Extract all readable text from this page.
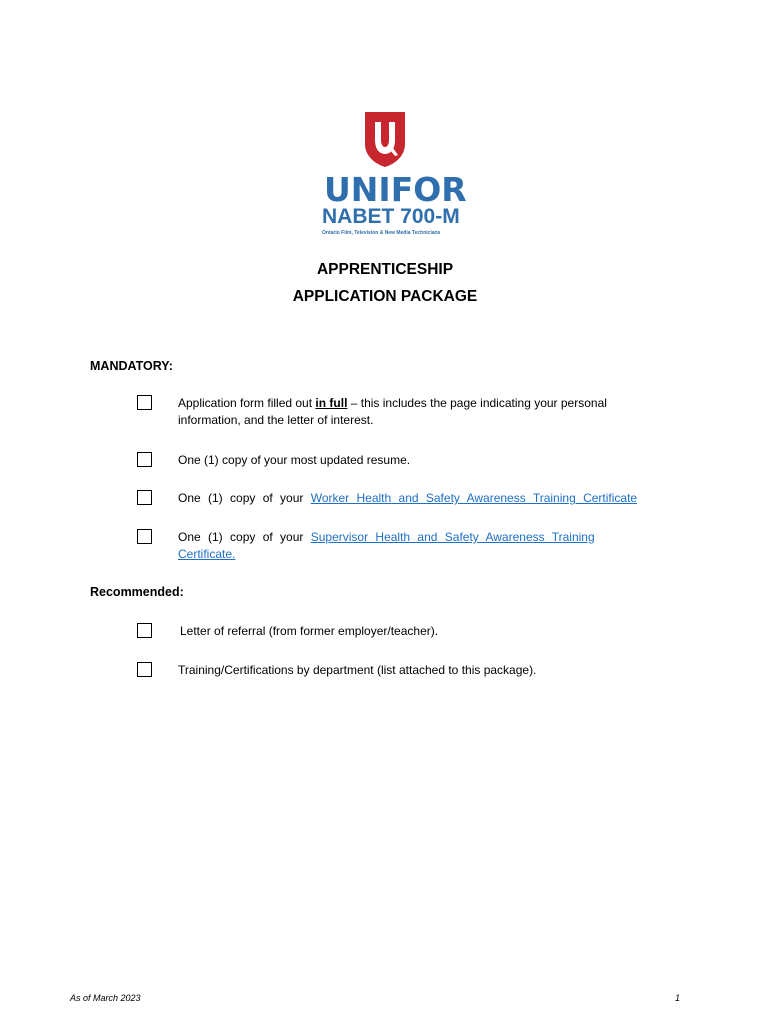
UNIFOR
NABET 700-M
Ontario Film, Television & New Media Technicians
APPRENTICESHIP
APPLICATION PACKAGE
MANDATORY:
Application form filled out in full – this includes the page indicating your personal information, and the letter of interest.
One (1) copy of your most updated resume.
One (1) copy of your Worker Health and Safety Awareness Training Certificate
One (1) copy of your Supervisor Health and Safety Awareness Training Certificate.
Recommended:
Letter of referral (from former employer/teacher).
Training/Certifications by department (list attached to this package).
As of March 2023	1
